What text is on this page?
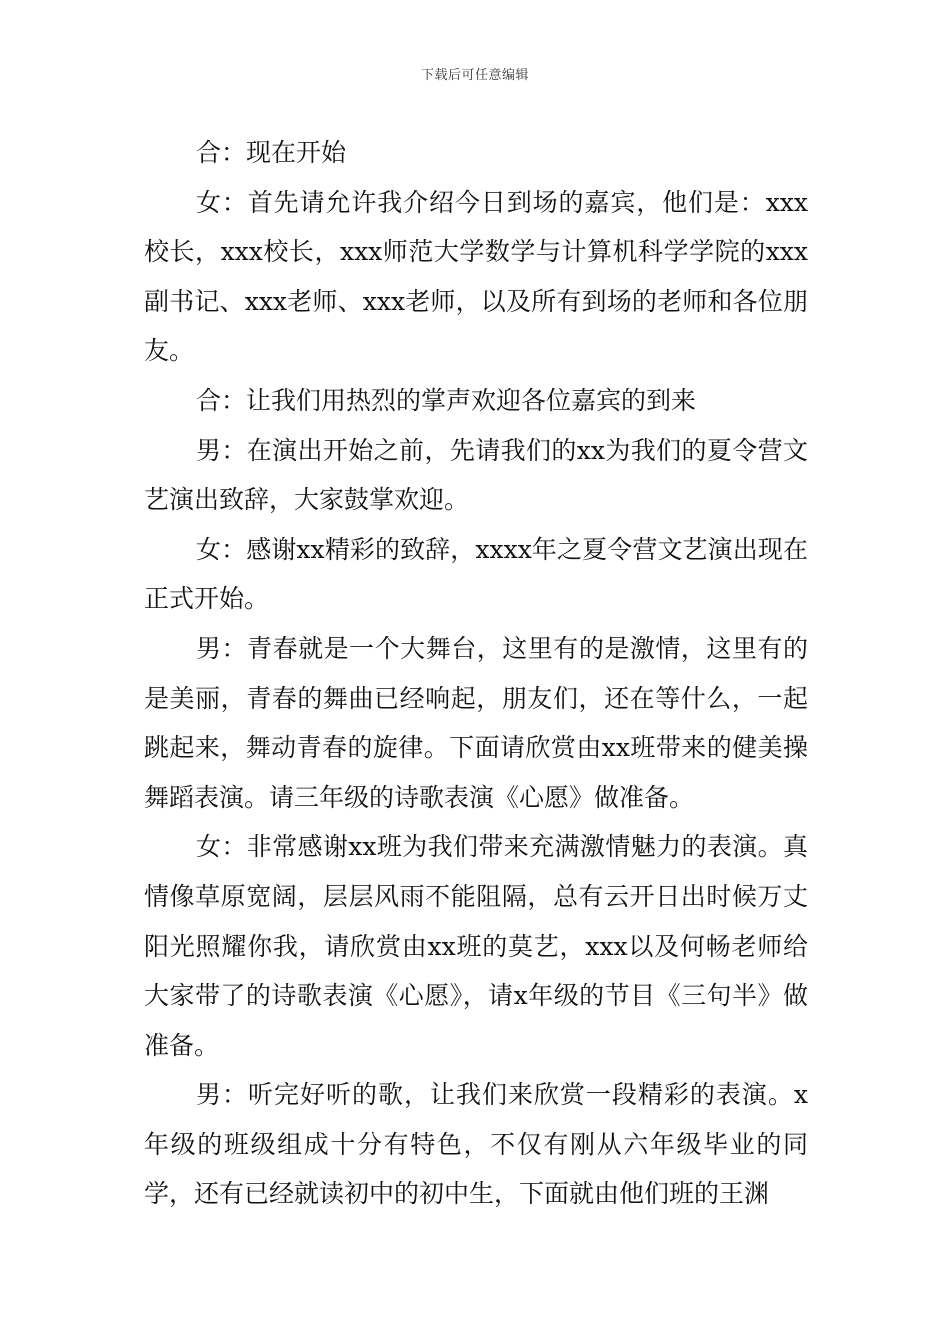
下载后可任意编辑

合：现在开始

女：首先请允许我介绍今日到场的嘉宾，他们是：xxx校长，xxx校长，xxx师范大学数学与计算机科学学院的xxx副书记、xxx老师、xxx老师，以及所有到场的老师和各位朋友。

合：让我们用热烈的掌声欢迎各位嘉宾的到来

男：在演出开始之前，先请我们的xx为我们的夏令营文艺演出致辞，大家鼓掌欢迎。

女：感谢xx精彩的致辞，xxxx年之夏令营文艺演出现在正式开始。

男：青春就是一个大舞台，这里有的是激情，这里有的是美丽，青春的舞曲已经响起，朋友们，还在等什么，一起跳起来，舞动青春的旋律。下面请欣赏由xx班带来的健美操舞蹈表演。请三年级的诗歌表演《心愿》做准备。

女：非常感谢xx班为我们带来充满激情魅力的表演。真情像草原宽阔，层层风雨不能阻隔，总有云开日出时候万丈阳光照耀你我，请欣赏由xx班的莫艺，xxx以及何畅老师给大家带了的诗歌表演《心愿》，请x年级的节目《三句半》做准备。

男：听完好听的歌，让我们来欣赏一段精彩的表演。x年级的班级组成十分有特色，不仅有刚从六年级毕业的同学，还有已经就读初中的初中生，下面就由他们班的王渊
